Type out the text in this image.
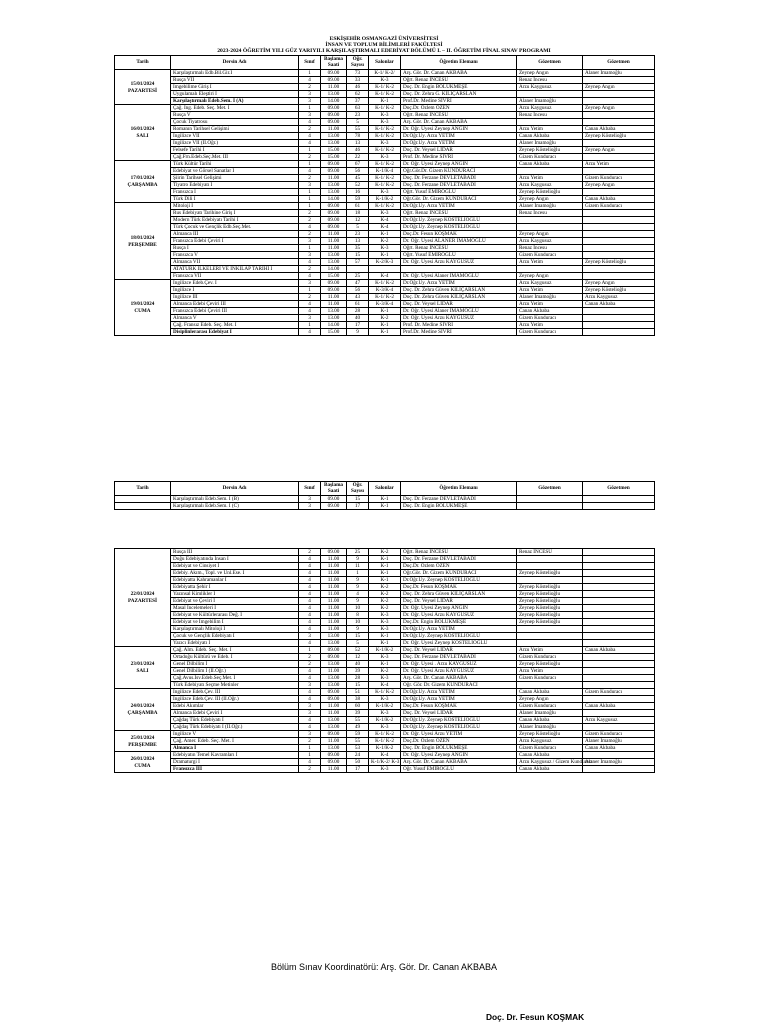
ESKİŞEHİR OSMANGAZİ ÜNİVERSİTESİ
İNSAN VE TOPLUM BİLİMLERİ FAKÜLTESİ
2023-2024 ÖĞRETİM YILI GÜZ YARIYILI KARŞILAŞTIRMALI EDEBİYAT BÖLÜMÜ I. – II. ÖĞRETİM FİNAL SINAV PROGRAMI
Tarih	Dersin Adı	Sınıf	Başlama Saati	Öğr. Sayısı	Salonlar	Öğretim Elemanı	Gözetmen	Gözetmen

15/01/2024
PAZARTESİ	Karşılaştırmalı Edb.Bil.Gir.I	1	09.00	73	K-1/ K-2/	Arş. Gör. Dr. Canan AKBABA	Zeynep Angın	Alaner İmamoğlu
	Rusça VII	4	09.00	33	K-3	Öğrt. Renaz İNCESU	Renaz İncesu	
	İmgebilime Giriş I	2	11.00	46	K-1/ K-2	Doç. Dr. Engin BÖLÜKMEŞE	Arzu Kaygusuz	Zeynep Angın
	Uygulamalı Eleştiri I	3	13.00	62	K-1/ K-2	Doç. Dr. Zehra G. KILIÇARSLAN		
	Karşılaştırmalı Edeb.Sem. I (A)	3	14.00	37	K-1	Prof.Dr. Medine SİVRİ	Alaner İmamoğlu	

16/01/2024
SALI	Çağ. İng. Edeb. Seç. Met. I	1	09.00	63	K-1/ K-2	Doç.Dr. Özlem ÖZEN	Arzu Kaygusuz	Zeynep Angın
	Rusça V	3	09.00	23	K-3	Öğrt. Renaz İNCESU	Renaz İncesu	
	Çocuk Tiyatrosu	4	09.00	5	K-3	Arş. Gör. Dr. Canan AKBABA		
	Romanın Tarihsel Gelişimi	2	11.00	55	K-1/ K-2	Dr. Öğr. Üyesi Zeynep ANGIN	Arzu Yetim	Canan Akbaba
	İngilizce VII	4	13.00	78	K-1/ K-2	Dr.Öğr.Üy. Arzu YETİM	Canan Akbaba	Zeynep Köstelioğlu
	İngilizce VII (II.Öğr.)	4	13.00	13	K-3	Dr.Öğr.Üy. Arzu YETİM	Alaner İmamoğlu	
	Felsefe Tarihi I	1	15.00	46	K-1/ K-2	Doç. Dr. Veysel LİDAR	Zeynep Köstelioğlu	Zeynep Angın
	Çağ.Frn.Edeb.Seç.Met. III	2	15.00	22	K-3	Prof. Dr. Medine SİVRİ	Gizem Kunduracı	

17/01/2024
ÇARŞAMBA	Türk Kültür Tarihi	1	09.00	67	K-1/ K-2	Dr. Öğr. Üyesi Zeynep ANGIN	Canan Akbaba	Arzu Yetim
	Edebiyat ve Görsel Sanatlar I	4	09.00	56	K-1/K-4	Öğr.Gör.Dr. Gizem KUNDURACI		
	Şiirin Tarihsel Gelişimi	2	11.00	45	K-1/ K-2	Doç. Dr. Ferzane DEVLETABADİ	Arzu Yetim	Gizem Kunduracı
	Tiyatro Edebiyatı I	3	13.00	52	K-1/ K-2	Doç. Dr. Ferzane DEVLETABADİ	Arzu Kaygusuz	Zeynep Angın
	Fransızca I	1	13.00	16	K-3	Öğrt. Yusuf EMİROĞLU	Zeynep Köstelioğlu	
	Türk Dili I	1	14.00	59	K-1/K-2	Öğr.Gör. Dr. Gizem KUNDURACI	Zeynep Angın	Canan Akbaba

18/01/2024
PERŞEMBE	Mitoloji I	1	09.00	61	K-1/ K-2	Dr.Öğr.Üy. Arzu YETİM	Alaner İmamoğlu	Gizem Kunduracı
	Rus Edebiyatı Tarihine Giriş I	2	09.00	18	K-3	Öğrt. Renaz İNCESU	Renaz İncesu	
	Modern Türk Edebiyatı Tarihi I	2	09.00	12	K-4	Dr.Öğr.Üy. Zeynep KÖSTELİOĞLU		
	Türk Çocuk ve Gençlik Edb.Seç.Met.	4	09.00	5	K-4	Dr.Öğr.Üy. Zeynep KÖSTELİOĞLU		
	Almanca III	2	11.00	23	K-1	Doç.Dr. Fesun KOŞMAK	Zeynep Angın	
	Fransızca Edebi Çeviri I	3	11.00	13	K-2	Dr. Öğr. Üyesi ALANER İMAMOĞLU	Arzu Kaygusuz	
	Rusça I	1	11.00	35	K-3	Öğrt. Renaz İNCESU	Renaz İncesu	
	Fransızca V	3	13.00	15	K-1	Öğrt. Yusuf EMİROĞLU	Gizem Kunduracı	
	Almanca VII	4	13.00	57	K-2/K-3	Dr. Öğr. Üyesi Arzu KAYGUSUZ	Arzu Yetim	Zeynep Köstelioğlu
	ATATÜRK İLKELERİ VE İNKILAP TARİHİ I	2	14.00					
	Fransızca VII	4	15.00	25	K-4	Dr. Öğr. Üyesi Alaner İMAMOĞLU	Zeynep Angın	

19/01/2024
CUMA	İngilizce Edeb.Çev. I	3	09.00	47	K-1/ K-2	Dr.Öğr.Üy. Arzu YETİM	Arzu Kaygusuz	Zeynep Angın
	İngilizce I	1	09.00	56	K-3/K-4	Doç. Dr. Zehra Güven KILIÇARSLAN	Arzu Yetim	Zeynep Köstelioğlu
	İngilizce III	2	11.00	43	K-1/ K-2	Doç. Dr. Zehra Güven KILIÇARSLAN	Alaner İmamoğlu	Arzu Kaygusuz
	Almanca Edebi Çeviri III	4	11.00	61	K-3/K-4	Doç. Dr. Veysel LİDAR	Arzu Yetim	Canan Akbaba
	Fransızca Edebi Çeviri III	4	13.00	28	K-1	Dr. Öğr. Üyesi Alaner İMAMOĞLU	Canan Akbaba	
	Almanca V	3	13.00	40	K-2	Dr. Öğr. Üyesi Arzu KAYGUSUZ	Gizem Kunduracı	
	Çağ. Fransız Edeb. Seç. Met. I	1	14.00	17	K-1	Prof. Dr. Medine SİVRİ	Arzu Yetim	
	Disiplinlerarası Edebiyat I	4	15.00	9	K-1	Prof.Dr. Medine SİVRİ	Gizem Kunduracı	
Tarih	Dersin Adı	Sınıf	Başlama Saati	Öğr. Sayısı	Salonlar	Öğretim Elemanı	Gözetmen	Gözetmen
	Karşılaştırmalı Edeb.Sem. I (B)	3	09.00	15	K-1	Doç. Dr. Ferzane DEVLETABADİ		
	Karşılaştırmalı Edeb.Sem. I (C)	3	09.00	17	K-1	Doç. Dr. Engin BÖLÜKMEŞE		
22/01/2024
PAZARTESİ	Rusça III	2	09.00	25	K-2	Öğrt. Renaz İNCESU	Renaz İNCESU	
	Doğu Edebiyatında İnsan I	4	11.00	9	K-1	Doç. Dr. Ferzane DEVLETABADİ		
	Edebiyat ve Cinsiyet I	4	11.00	11	K-1	Doç.Dr. Özlem ÖZEN		
	Edebiy. Akım., Topl. ve Ünl.Ese. I	4	11.00	1	K-1	Öğr.Gör. Dr. Gizem KUNDURACI	Zeynep Köstelioğlu	
	Edebiyatta Kahramanlar I	4	11.00	9	K-1	Dr.Öğr.Üy. Zeynep KÖSTELİOĞLU		
	Edebiyatta Şehir I	4	11.00	9	K-2	Doç.Dr. Fesun KOŞMAK	Zeynep Köstelioğlu	
	Yazınsal Kimlikler I	4	11.00	4	K-2	Doç. Dr. Zehra Güven KILIÇARSLAN	Zeynep Köstelioğlu	
	Edebiyat ve Çeviri I	4	11.00	9	K-2	Doç. Dr. Veysel LİDAR	Zeynep Köstelioğlu	
	Masal İncelemeleri I	4	11.00	10	K-2	Dr. Öğr. Üyesi Zeynep ANGIN	Zeynep Köstelioğlu	
	Edebiyat ve Kültürlerarası Değ. I	4	11.00	8	K-3	Dr. Öğr. Üyesi Arzu KAYGUSUZ	Zeynep Köstelioğlu	
	Edebiyat ve İmgebilim I	4	11.00	10	K-3	Doç.Dr. Engin BÖLÜKMEŞE	Zeynep Köstelioğlu	
	Karşılaştırmalı Mitoloji I	4	11.00	9	K-3	Dr.Öğr.Üy. Arzu YETİM		
	Çocuk ve Gençlik Edebiyatı I	3	13.00	15	K-1	Dr.Öğr.Üy. Zeynep KÖSTELİOĞLU		
	Yazıcı Edebiyatı I	4	13.00	5	K-1	Dr. Öğr. Üyesi Zeynep KÖSTELİOĞLU		

23/01/2024
SALI	Çağ. Alm. Edeb. Seç. Met. I	1	09.00	52	K-1/K-2	Doç. Dr. Veysel LİDAR	Arzu Yetim	Canan Akbaba
	Ortadoğu Kültürü ve Edeb. I	2	09.00	12	K-3	Doç. Dr. Ferzane DEVLETABADİ	Gizem Kunduracı	
	Genel Dilbilim I	2	13.00	40	K-1	Dr. Öğr. Üyesi . Arzu KAYGUSUZ	Zeynep Köstelioğlu	
	Genel Dilbilim I (II.Öğr.)	4	11.00	39	K-2	Dr. Öğr. Üyesi Arzu KAYGUSUZ	Arzu Yetim	
	Çağ.Avus.Isv.Edeb.Seç.Met. I	4	13.00	28	K-3	Arş. Gör. Dr. Canan AKBABA	Gizem Kunduracı	
	Türk Edebiyatı Seçme Metinler	3	13.00	15	K-4	Öğr. Gör. Dr. Gizem KUNDURACI		

24/01/2024
ÇARŞAMBA	İngilizce Edeb.Çev. III	4	09.00	51	K-1/ K-2	Dr.Öğr.Üy. Arzu YETİM	Canan Akbaba	Gizem Kunduracı
	İngilizce Edeb.Çev. III (II.Öğr.)	4	09.00	38	K-3	Dr.Öğr.Üy. Arzu YETİM	Zeynep Angın	
	Edebi Akımlar	3	11.00	60	K-1/K-2	Doç.Dr. Fesun KOŞMAK	Gizem Kunduracı	Canan Akbaba
	Almanca Edebi Çeviri I	3	11.00	39	K-3	Doç. Dr. Veysel LİDAR	Alaner İmamoğlu	
	Çağdaş Türk Edebiyatı I	4	13.00	55	K-1/K-2	Dr.Öğr.Üy. Zeynep KÖSTELİOĞLU	Canan Akbaba	Arzu Kaygusuz
	Çağdaş Türk Edebiyatı I (II.Öğr.)	4	13.00	49	K-3	Dr.Öğr.Üy. Zeynep KÖSTELİOĞLU	Alaner İmamoğlu	

25/01/2024
PERŞEMBE	İngilizce V	3	09.00	59	K-1/ K-2	Dr. Öğr. Üyesi Arzu YETİM	Zeynep Köstelioğlu	Gizem Kunduracı
	Çağ. Amer. Edeb. Seç. Met. I	2	11.00	55	K-1/ K-2	Doç.Dr. Özlem ÖZEN	Arzu Kaygusuz	Alaner İmamoğlu
	Almanca I	1	13.00	53	K-1/K-2	Doç. Dr. Engin BÖLÜKMEŞE	Gizem Kunduracı	Canan Akbaba

26/01/2024
CUMA	Edebiyatın Temel Kavramları I	1	09.00	24	K-4	Dr. Öğr. Üyesi Zeynep ANGIN	Canan Akbaba	
	Dramaturgi I	4	09.00	50	K-1/K-2/ K-3	Arş. Gör. Dr. Canan AKBABA	Arzu Kaygusuz / Gizem Kunduracı	Alaner İmamoğlu
	Fransızca III	2	11.00	17	K-3	Öğr. Yusuf EMİROĞLU	Canan Akbaba	
Bölüm Sınav Koordinatörü: Arş. Gör. Dr. Canan AKBABA
Doç. Dr. Fesun KOŞMAK
